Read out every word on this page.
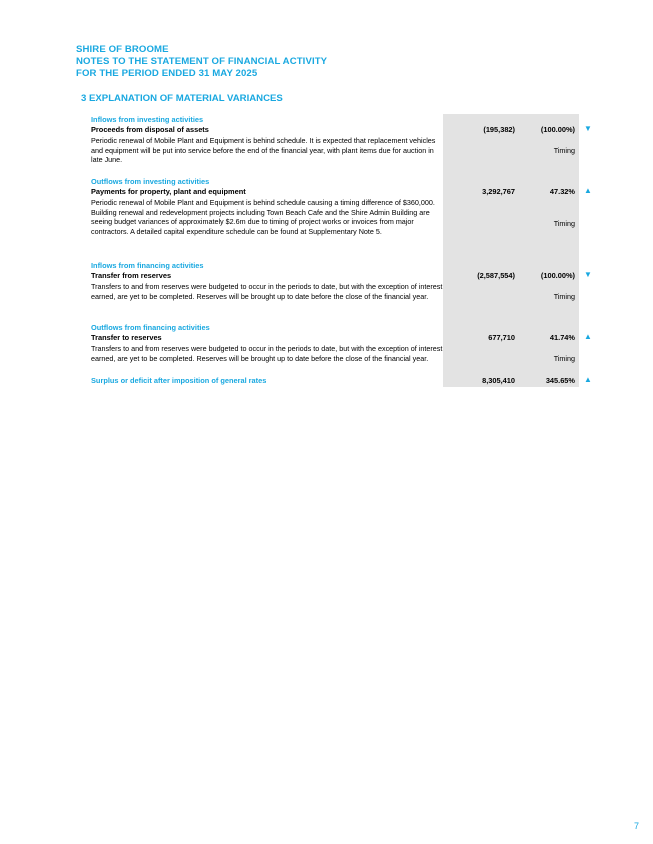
SHIRE OF BROOME
NOTES TO THE STATEMENT OF FINANCIAL ACTIVITY
FOR THE PERIOD ENDED 31 MAY 2025
3 EXPLANATION OF MATERIAL VARIANCES
Inflows from investing activities
Proceeds from disposal of assets	(195,382)	(100.00%) ▼
Periodic renewal of Mobile Plant and Equipment is behind schedule. It is expected that replacement vehicles and equipment will be put into service before the end of the financial year, with plant items due for auction in late June.
Timing
Outflows from investing activities
Payments for property, plant and equipment	3,292,767	47.32% ▲
Periodic renewal of Mobile Plant and Equipment is behind schedule causing a timing difference of $360,000. Building renewal and redevelopment projects including Town Beach Cafe and the Shire Admin Building are seeing budget variances of approximately $2.6m due to timing of project works or invoices from major contractors. A detailed capital expenditure schedule can be found at Supplementary Note 5.
Timing
Inflows from financing activities
Transfer from reserves	(2,587,554)	(100.00%) ▼
Transfers to and from reserves were budgeted to occur in the periods to date, but with the exception of interest earned, are yet to be completed. Reserves will be brought up to date before the close of the financial year.	Timing
Outflows from financing activities
Transfer to reserves	677,710	41.74% ▲
Transfers to and from reserves were budgeted to occur in the periods to date, but with the exception of interest earned, are yet to be completed. Reserves will be brought up to date before the close of the financial year.	Timing
Surplus or deficit after imposition of general rates	8,305,410	345.65% ▲
7
